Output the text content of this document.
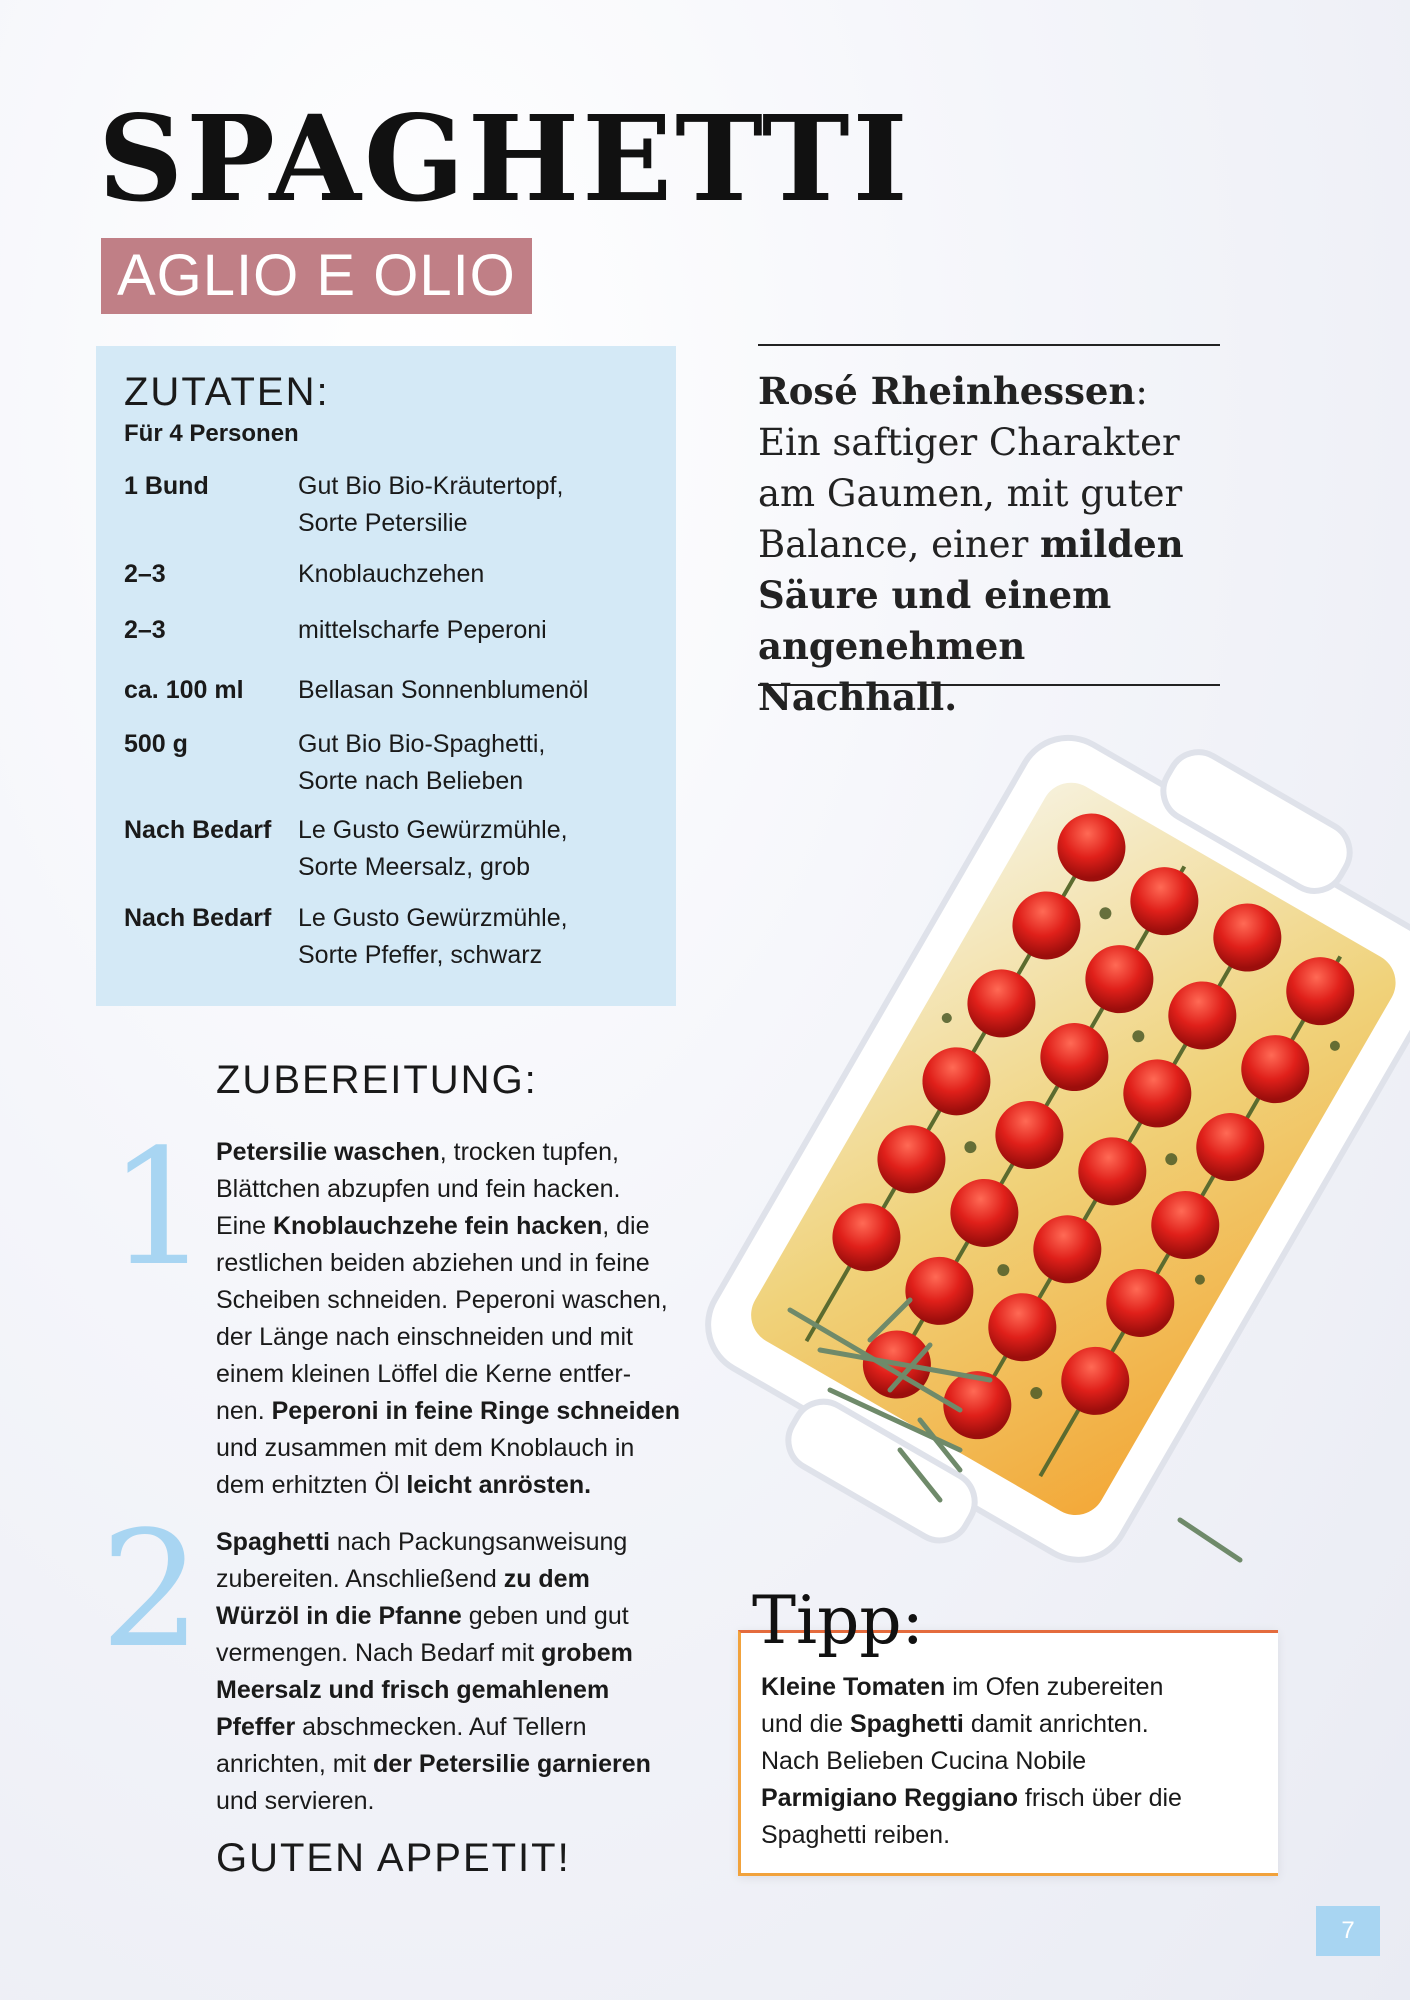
SPAGHETTI
AGLIO E OLIO
ZUTATEN:
Für 4 Personen
1 Bund	Gut Bio Bio-Kräutertopf,
Sorte Petersilie
2–3	Knoblauchzehen
2–3	mittelscharfe Peperoni
ca. 100 ml Bellasan Sonnenblumenöl
500 g	Gut Bio Bio-Spaghetti,
Sorte nach Belieben
Nach Bedarf Le Gusto Gewürzmühle,
Sorte Meersalz, grob
Nach Bedarf Le Gusto Gewürzmühle,
Sorte Pfeffer, schwarz

Rosé Rheinhessen:
Ein saftiger Charakter
am Gaumen, mit guter
Balance, einer milden
Säure und einem
angenehmen Nachhall.

ZUBEREITUNG:
1 Petersilie waschen, trocken tupfen,
Blättchen abzupfen und fein hacken.
Eine Knoblauchzehe fein hacken, die
restlichen beiden abziehen und in feine
Scheiben schneiden. Peperoni waschen,
der Länge nach einschneiden und mit
einem kleinen Löffel die Kerne entfer-
nen. Peperoni in feine Ringe schneiden
und zusammen mit dem Knoblauch in
dem erhitzten Öl leicht anrösten.
2 Spaghetti nach Packungsanweisung
zubereiten. Anschließend zu dem
Würzöl in die Pfanne geben und gut
vermengen. Nach Bedarf mit grobem
Meersalz und frisch gemahlenem
Pfeffer abschmecken. Auf Tellern
anrichten, mit der Petersilie garnieren
und servieren.
GUTEN APPETIT!
Kleine Tomaten im Ofen zubereiten
und die Spaghetti damit anrichten.
Nach Belieben Cucina Nobile
Parmigiano Reggiano frisch über die
Spaghetti reiben.
Tipp:
7
